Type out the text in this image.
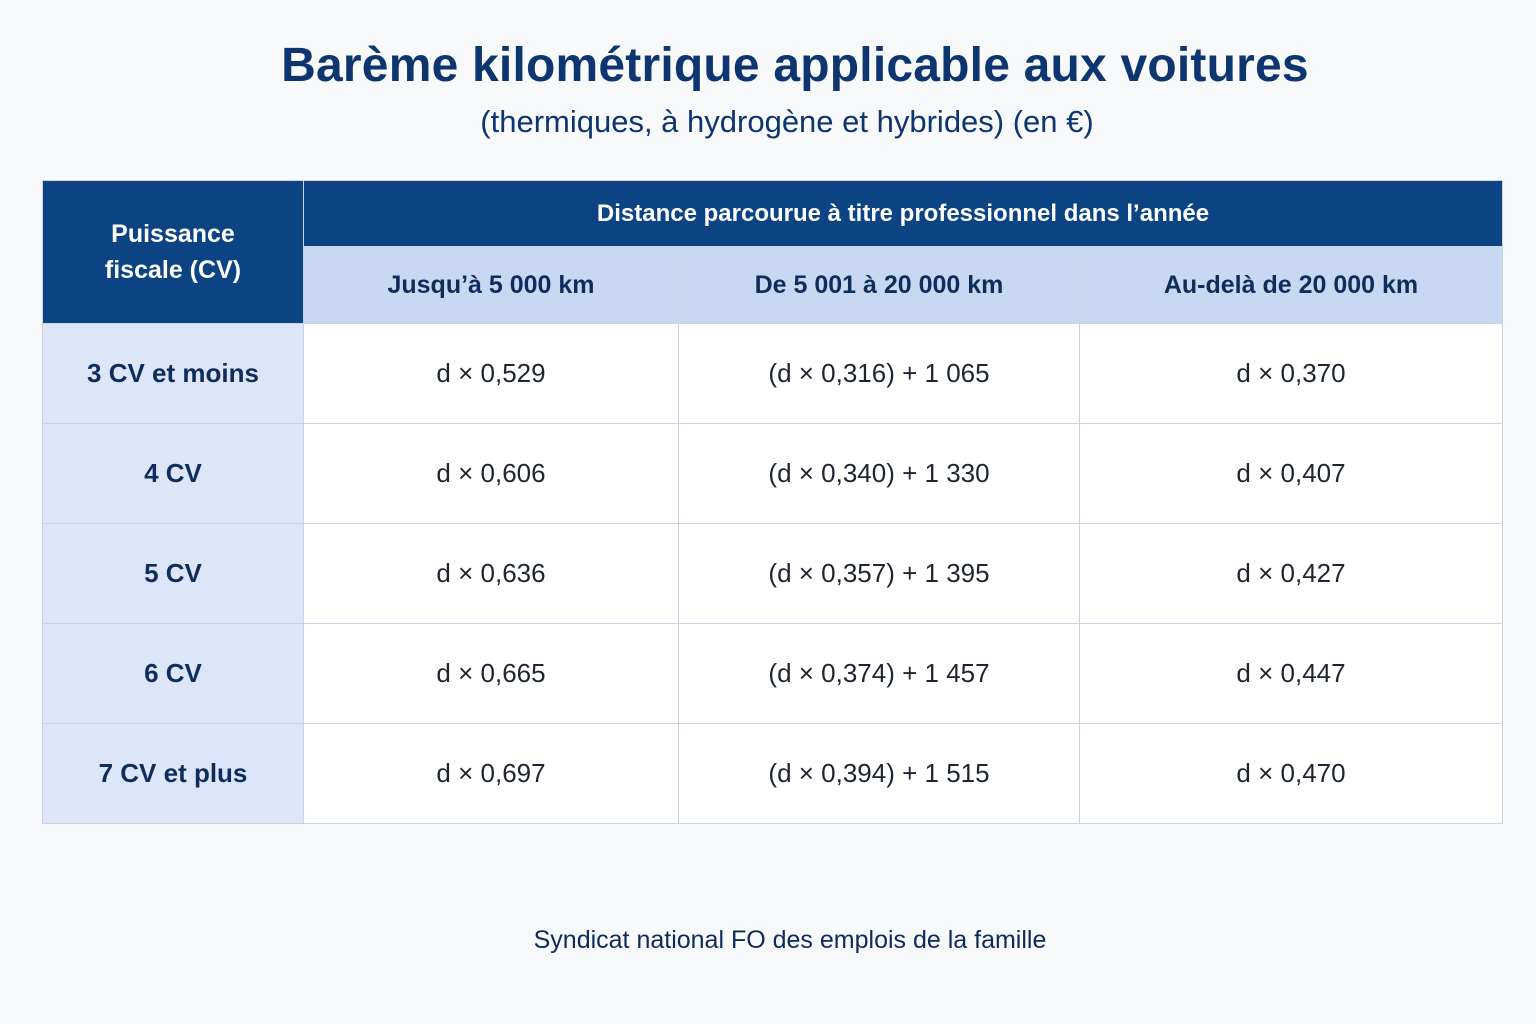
Barème kilométrique applicable aux voitures
(thermiques, à hydrogène et hybrides) (en €)
Puissance fiscale (CV)	Distance parcourue à titre professionnel dans l’année		
	Jusqu’à 5 000 km	De 5 001 à 20 000 km	Au-delà de 20 000 km
3 CV et moins	d × 0,529	(d × 0,316) + 1 065	d × 0,370
4 CV	d × 0,606	(d × 0,340) + 1 330	d × 0,407
5 CV	d × 0,636	(d × 0,357) + 1 395	d × 0,427
6 CV	d × 0,665	(d × 0,374) + 1 457	d × 0,447
7 CV et plus	d × 0,697	(d × 0,394) + 1 515	d × 0,470
Syndicat national FO des emplois de la famille
